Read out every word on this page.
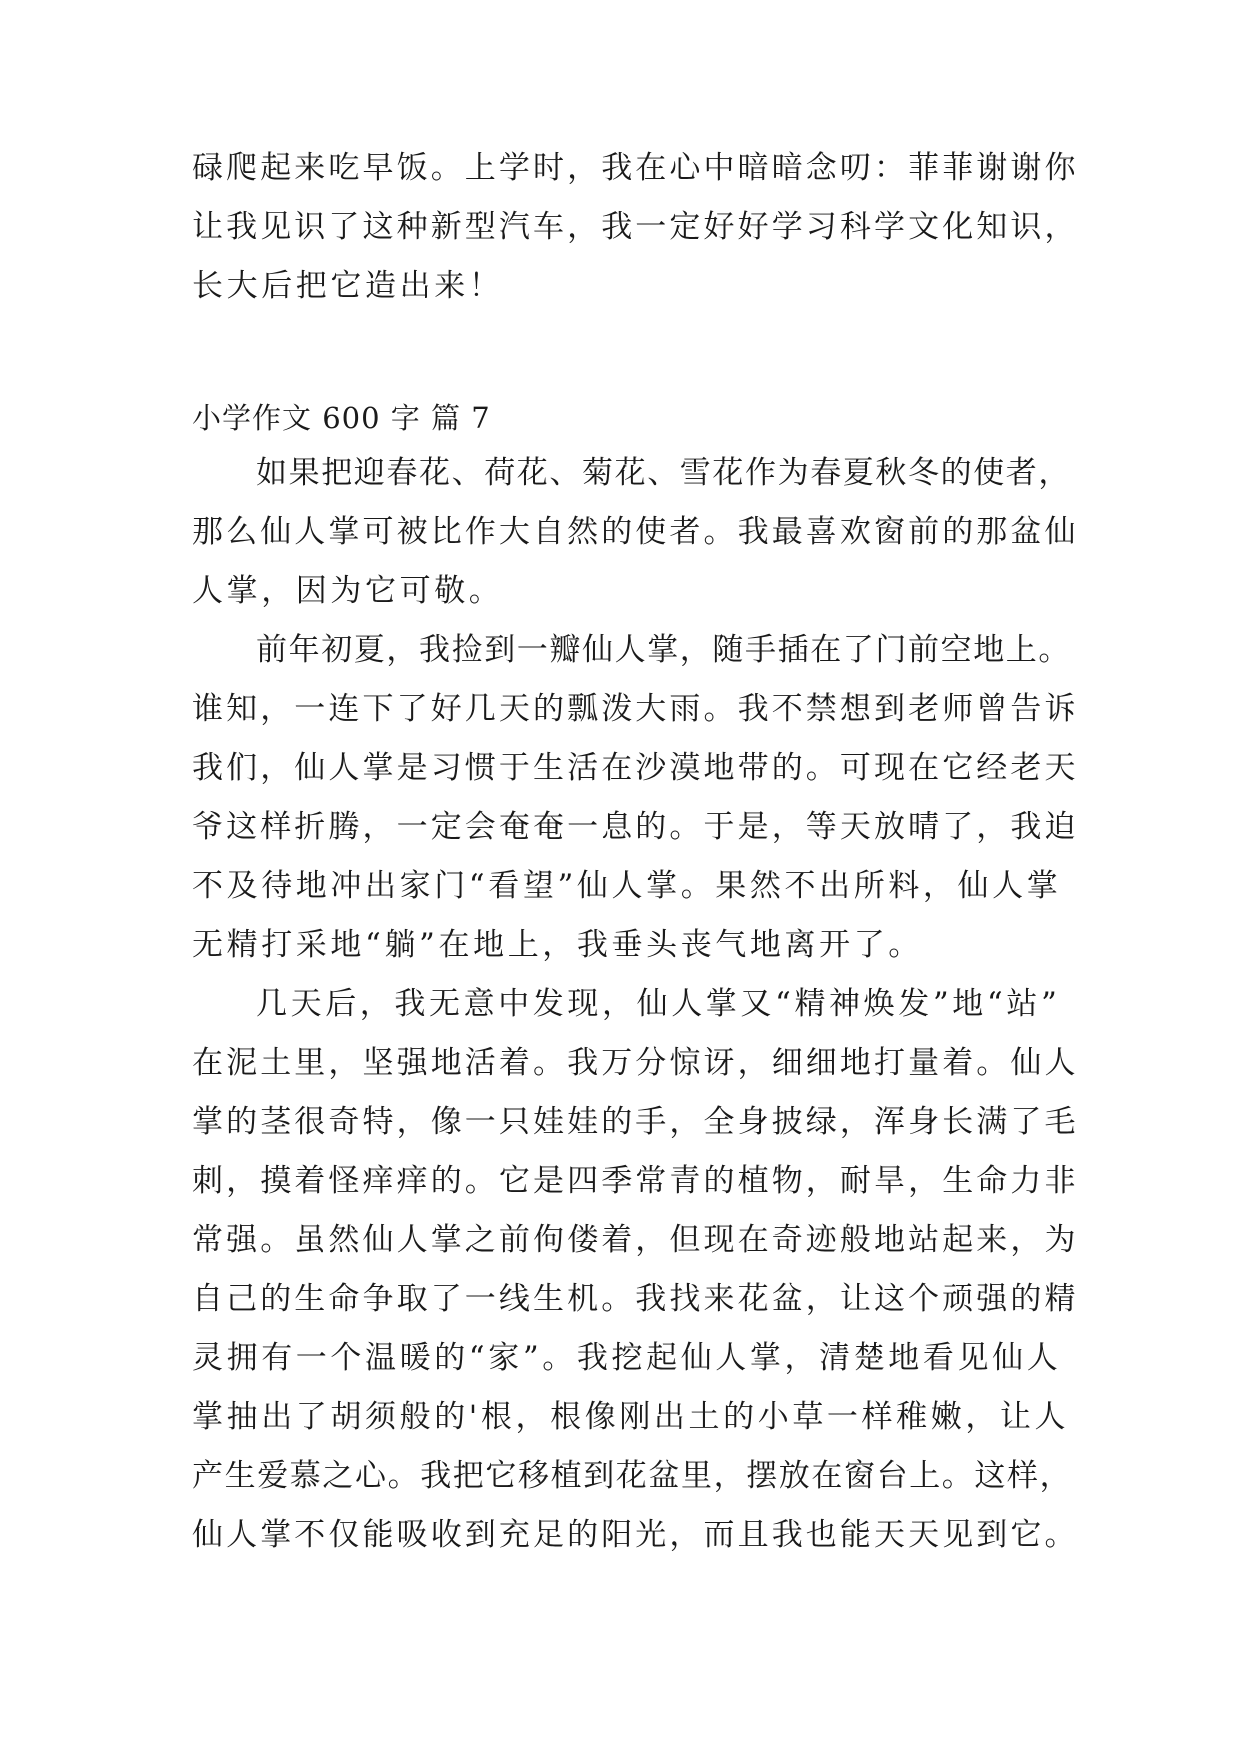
碌爬起来吃早饭。上学时，我在心中暗暗念叨：菲菲谢谢你
让我见识了这种新型汽车，我一定好好学习科学文化知识，
长大后把它造出来！
小学作文 600 字 篇 7
如果把迎春花、荷花、菊花、雪花作为春夏秋冬的使者，
那么仙人掌可被比作大自然的使者。我最喜欢窗前的那盆仙
人掌，因为它可敬。
前年初夏，我捡到一瓣仙人掌，随手插在了门前空地上。
谁知，一连下了好几天的瓢泼大雨。我不禁想到老师曾告诉
我们，仙人掌是习惯于生活在沙漠地带的。可现在它经老天
爷这样折腾，一定会奄奄一息的。于是，等天放晴了，我迫
不及待地冲出家门“看望”仙人掌。果然不出所料，仙人掌
无精打采地“躺”在地上，我垂头丧气地离开了。
几天后，我无意中发现，仙人掌又“精神焕发”地“站”
在泥土里，坚强地活着。我万分惊讶，细细地打量着。仙人
掌的茎很奇特，像一只娃娃的手，全身披绿，浑身长满了毛
刺，摸着怪痒痒的。它是四季常青的植物，耐旱，生命力非
常强。虽然仙人掌之前佝偻着，但现在奇迹般地站起来，为
自己的生命争取了一线生机。我找来花盆，让这个顽强的精
灵拥有一个温暖的“家”。我挖起仙人掌，清楚地看见仙人
掌抽出了胡须般的'根，根像刚出土的小草一样稚嫩，让人
产生爱慕之心。我把它移植到花盆里，摆放在窗台上。这样，
仙人掌不仅能吸收到充足的阳光，而且我也能天天见到它。
